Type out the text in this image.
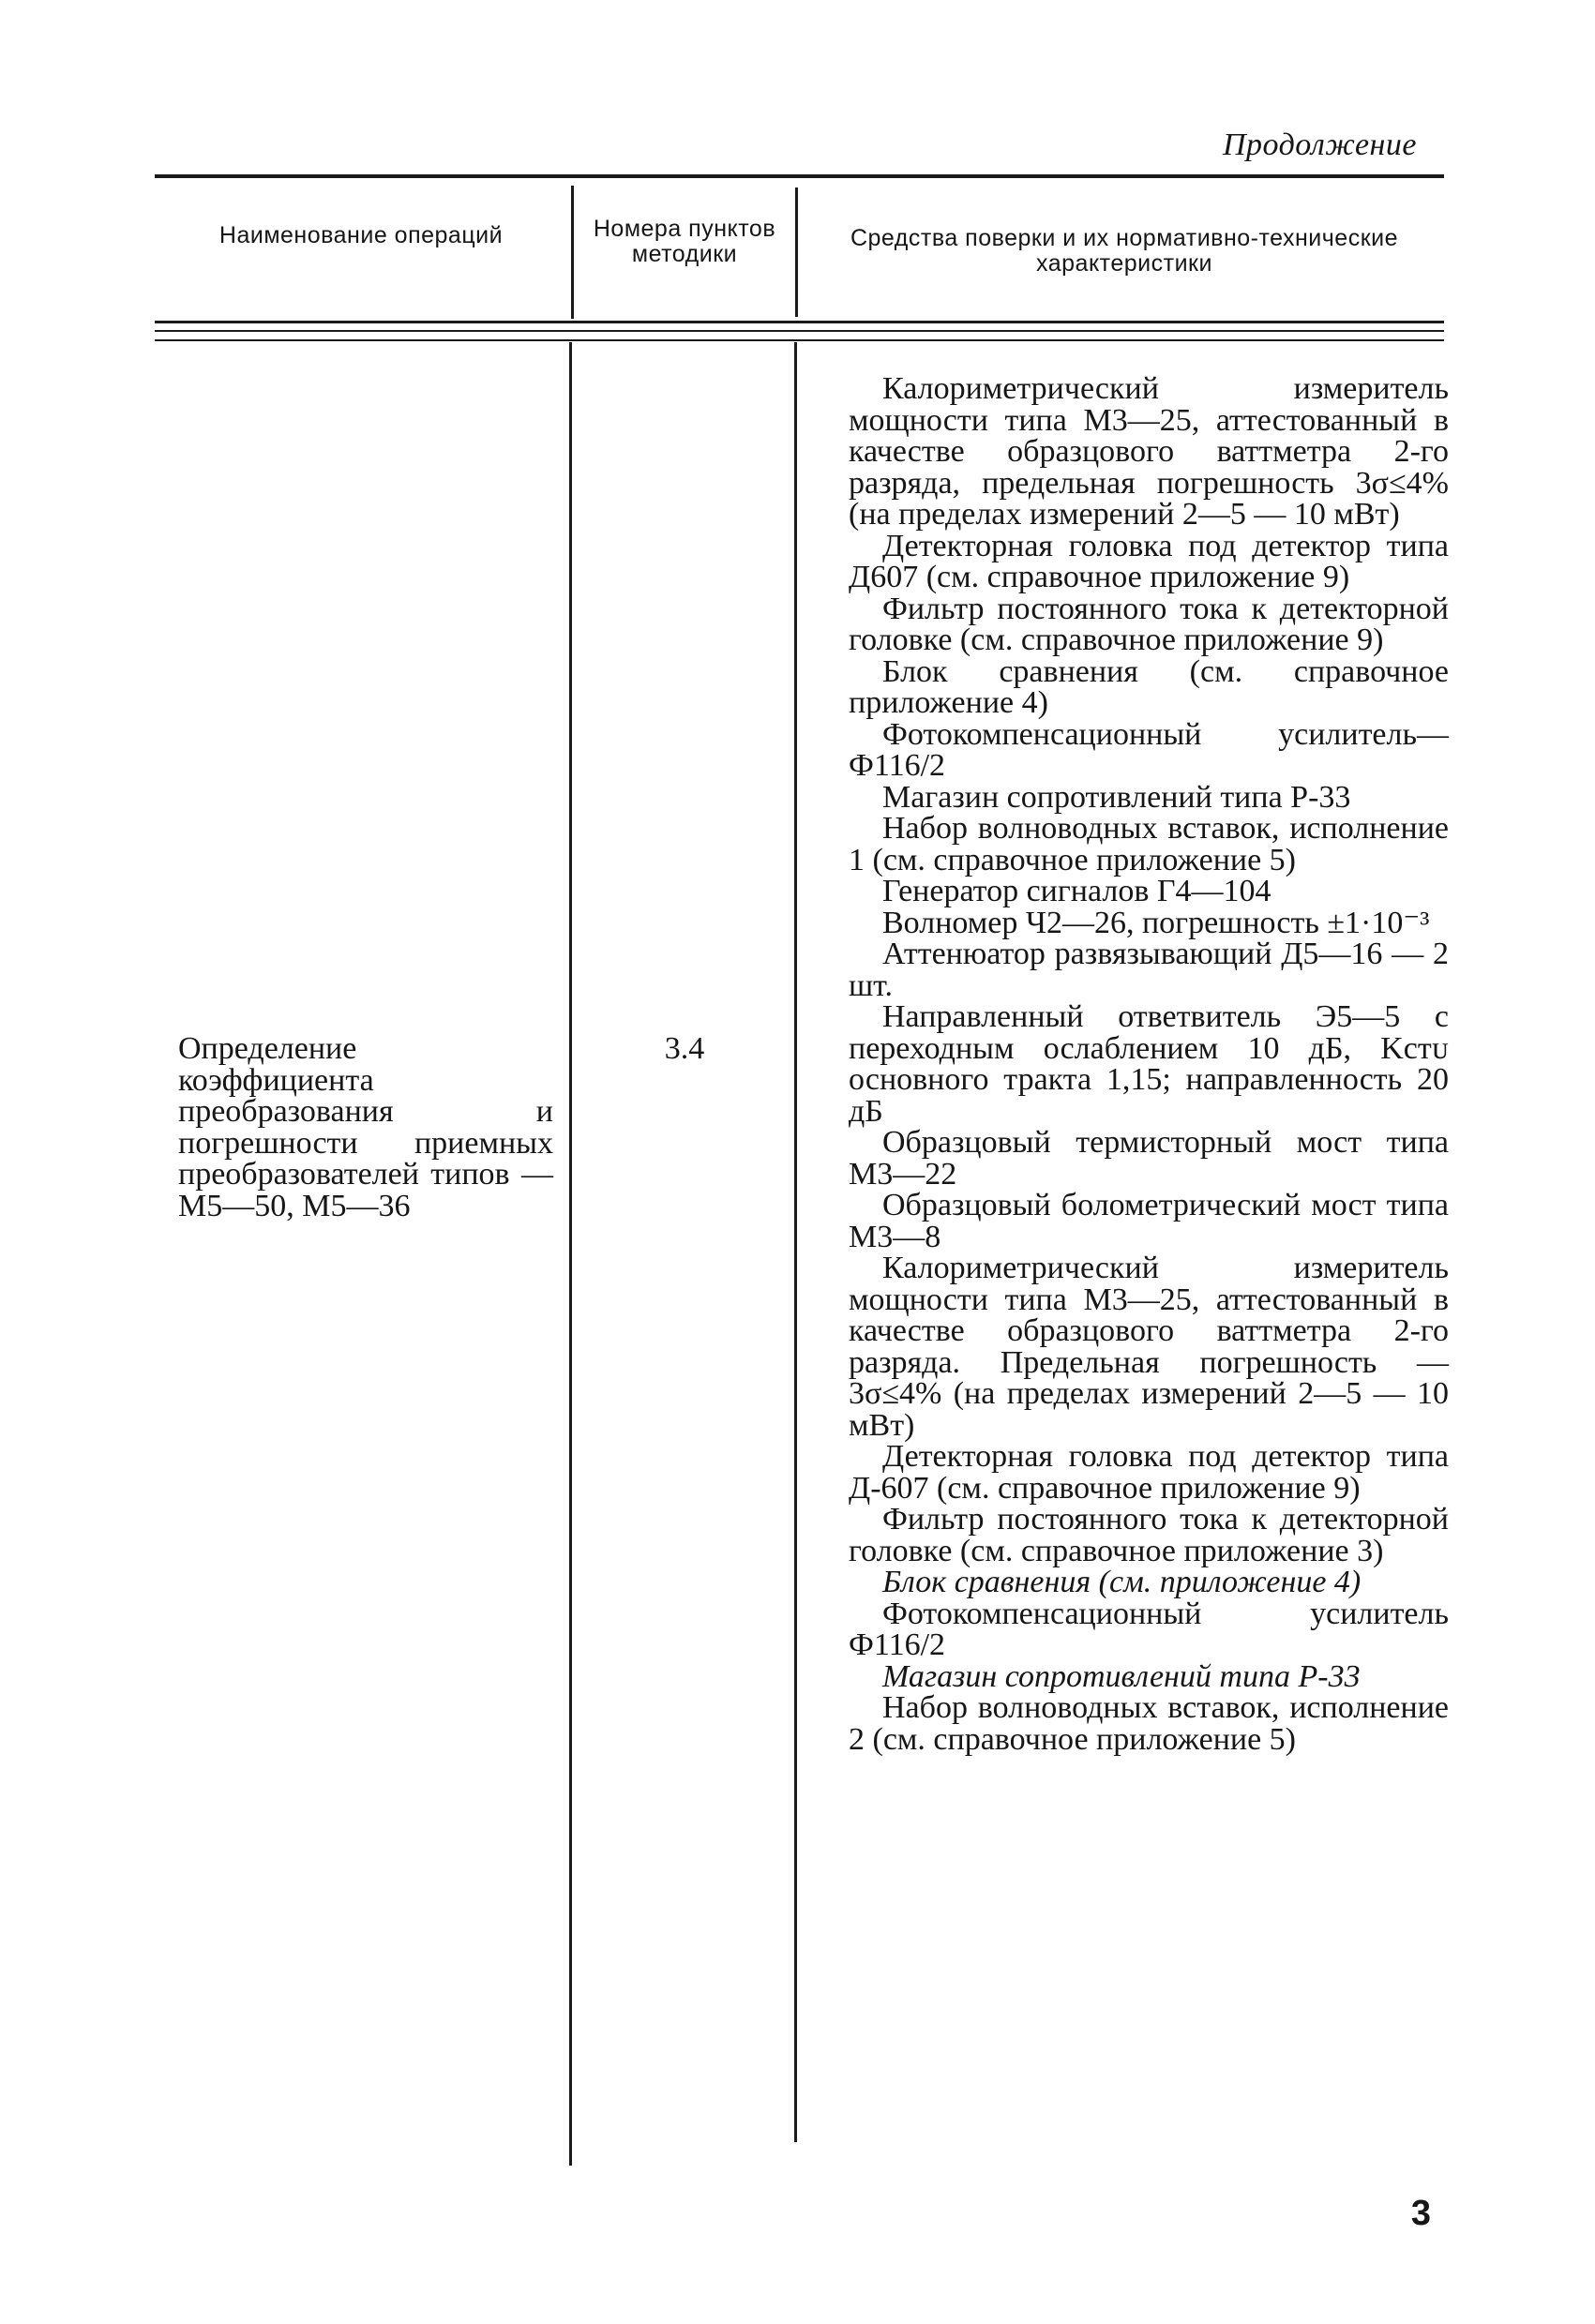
Продолжение
Наименование операций	Номера пунктов методики
Средства поверки и их нормативно-технические характеристики
Определение коэффициента преобразования и погрешности приемных преобразователей типов — М5—50, М5—36
3.4

Калориметрический измеритель мощности типа М3—25, аттестованный в качестве образцового ваттметра 2-го разряда, предельная погрешность 3σ≤4% (на пределах измерений 2—5 — 10 мВт)

Детекторная головка под детектор типа Д607 (см. справочное приложение 9)

Фильтр постоянного тока к детекторной головке (см. справочное приложение 9)

Блок сравнения (см. справочное приложение 4)

Фотокомпенсационный усилитель— Ф116/2

Магазин сопротивлений типа Р-33

Набор волноводных вставок, исполнение 1 (см. справочное приложение 5)

Генератор сигналов Г4—104

Волномер Ч2—26, погрешность ±1·10⁻³

Аттенюатор развязывающий Д5—16 — 2 шт.

Направленный ответвитель Э5—5 с переходным ослаблением 10 дБ, Kстᴜ основного тракта 1,15; направленность 20 дБ

Образцовый термисторный мост типа М3—22

Образцовый болометрический мост типа М3—8

Калориметрический измеритель мощности типа М3—25, аттестованный в качестве образцового ваттметра 2-го разряда. Предельная погрешность — 3σ≤4% (на пределах измерений 2—5 — 10 мВт)

Детекторная головка под детектор типа Д-607 (см. справочное приложение 9)

Фильтр постоянного тока к детекторной головке (см. справочное приложение 3)

Блок сравнения (см. приложение 4)

Фотокомпенсационный усилитель Ф116/2

Магазин сопротивлений типа Р-33

Набор волноводных вставок, исполнение 2 (см. справочное приложение 5)

3
